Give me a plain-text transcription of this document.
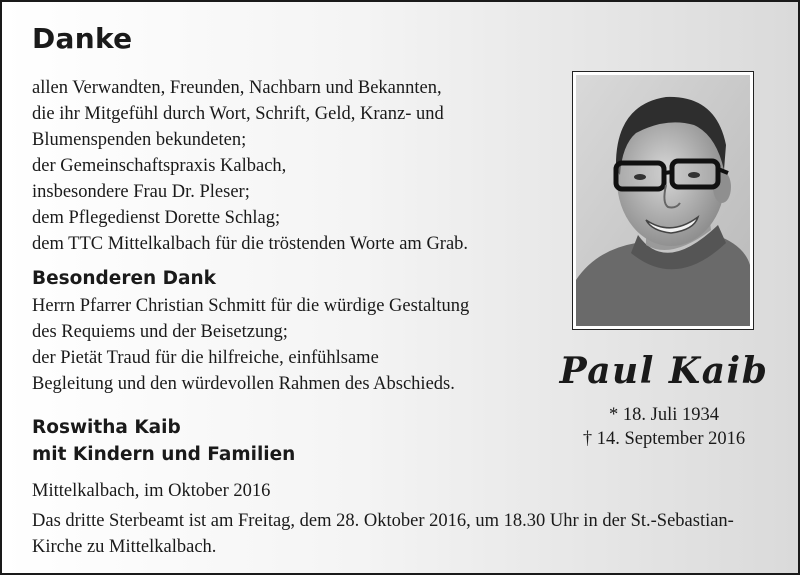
Danke
allen Verwandten, Freunden, Nachbarn und Bekannten,
die ihr Mitgefühl durch Wort, Schrift, Geld, Kranz- und
Blumenspenden bekundeten;
der Gemeinschaftspraxis Kalbach,
insbesondere Frau Dr. Pleser;
dem Pflegedienst Dorette Schlag;
dem TTC Mittelkalbach für die tröstenden Worte am Grab.
Besonderen Dank
Herrn Pfarrer Christian Schmitt für die würdige Gestaltung
des Requiems und der Beisetzung;
der Pietät Traud für die hilfreiche, einfühlsame
Begleitung und den würdevollen Rahmen des Abschieds.
Roswitha Kaib
mit Kindern und Familien
Mittelkalbach, im Oktober 2016
Das dritte Sterbeamt ist am Freitag, dem 28. Oktober 2016, um 18.30 Uhr in der St.-Sebastian-Kirche zu Mittelkalbach.
Paul Kaib
* 18. Juli 1934
† 14. September 2016
